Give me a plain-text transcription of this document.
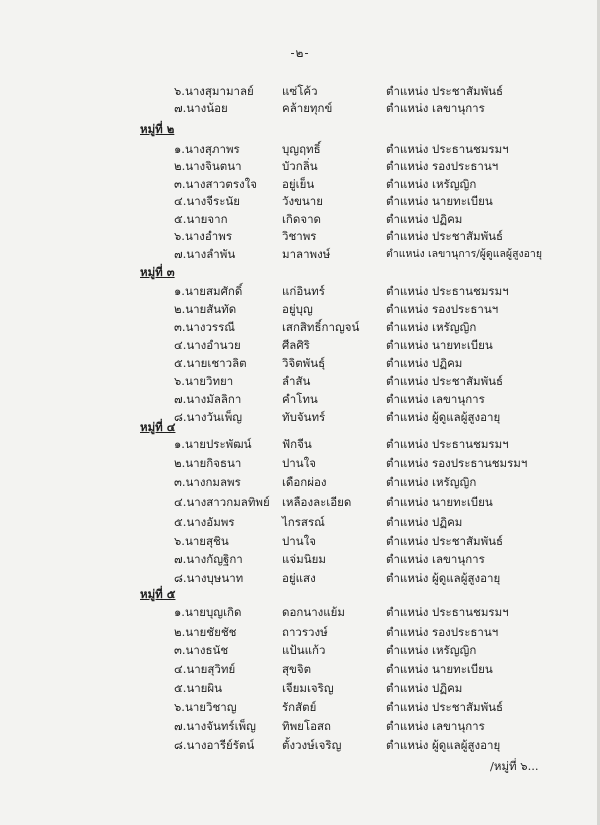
-๒-
๖.นางสุมามาลย์ แซ่โค้ว	ตำแหน่ง ประชาสัมพันธ์
๗.นางน้อย	คล้ายทุกข์	ตำแหน่ง เลขานุการ
หมู่ที่ ๒
๑.นางสุภาพร	บุญฤทธิ์	ตำแหน่ง ประธานชมรมฯ
๒.นางจินตนา	บัวกลิ่น	ตำแหน่ง รองประธานฯ
๓.นางสาวตรงใจ อยู่เย็น	ตำแหน่ง เหรัญญิก
๔.นางจีระนัย	วังขนาย	ตำแหน่ง นายทะเบียน
๕.นายจาก	เกิดจาด	ตำแหน่ง ปฏิคม
๖.นางอำพร	วิชาพร	ตำแหน่ง ประชาสัมพันธ์
๗.นางลำพัน	มาลาพงษ์	ตำแหน่ง เลขานุการ/ผู้ดูแลผู้สูงอายุ
หมู่ที่ ๓
๑.นายสมศักดิ์	แก่อินทร์	ตำแหน่ง ประธานชมรมฯ
๒.นายสันทัด	อยู่บุญ	ตำแหน่ง รองประธานฯ
๓.นางวรรณี	เสกสิทธิ์กาญจน์ ตำแหน่ง เหรัญญิก
๔.นางอำนวย	ศีลศิริ	ตำแหน่ง นายทะเบียน
๕.นายเชาวลิต	วิจิตพันธุ์	ตำแหน่ง ปฏิคม
๖.นายวิทยา	ลำสัน	ตำแหน่ง ประชาสัมพันธ์
๗.นางมัลลิกา	คำโทน	ตำแหน่ง เลขานุการ
๘.นางวันเพ็ญ	ทับจันทร์	ตำแหน่ง ผู้ดูแลผู้สูงอายุ
หมู่ที่ ๔
๑.นายประพัฒน์	ฟักจีน	ตำแหน่ง ประธานชมรมฯ
๒.นายกิจธนา	ปานใจ	ตำแหน่ง รองประธานชมรมฯ
๓.นางกมลพร	เดือกผ่อง	ตำแหน่ง เหรัญญิก
๔.นางสาวกมลทิพย์ เหลืองละเอียด	ตำแหน่ง นายทะเบียน
๕.นางอัมพร	ไกรสรณ์	ตำแหน่ง ปฏิคม
๖.นายสุชิน	ปานใจ	ตำแหน่ง ประชาสัมพันธ์
๗.นางกัญฐิกา	แจ่มนิยม	ตำแหน่ง เลขานุการ
๘.นางบุษนาท	อยู่แสง	ตำแหน่ง ผู้ดูแลผู้สูงอายุ
หมู่ที่ ๕
๑.นายบุญเกิด	ดอกนางแย้ม	ตำแหน่ง ประธานชมรมฯ
๒.นายชัยชัช	ถาวรวงษ์	ตำแหน่ง รองประธานฯ
๓.นางธนัช	แป้นแก้ว	ตำแหน่ง เหรัญญิก
๔.นายสุวิทย์	สุขจิต	ตำแหน่ง นายทะเบียน
๕.นายผิน	เจียมเจริญ	ตำแหน่ง ปฏิคม
๖.นายวิชาญ	รักสัตย์	ตำแหน่ง ประชาสัมพันธ์
๗.นางจันทร์เพ็ญ ทิพยโอสถ	ตำแหน่ง เลขานุการ
๘.นางอารีย์รัตน์ ตั้งวงษ์เจริญ	ตำแหน่ง ผู้ดูแลผู้สูงอายุ
/หมู่ที่ ๖...
